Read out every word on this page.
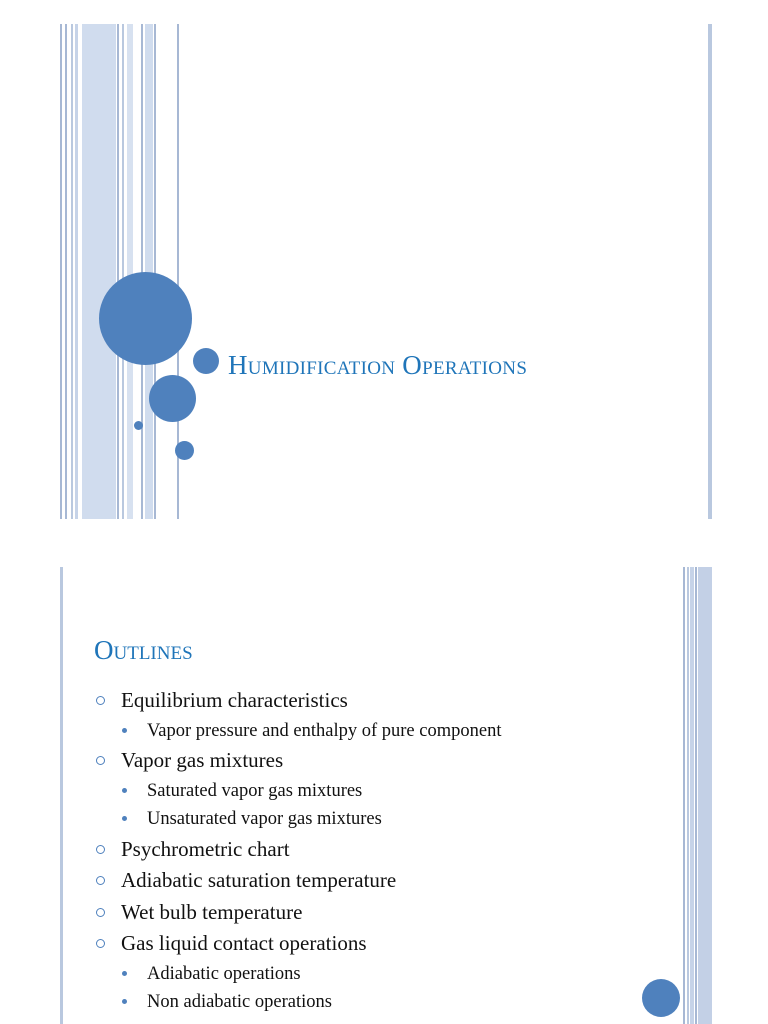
Humidification Operations
Outlines
Equilibrium characteristics
Vapor pressure and enthalpy of pure component
Vapor gas mixtures
Saturated vapor gas mixtures
Unsaturated vapor gas mixtures
Psychrometric chart
Adiabatic saturation temperature
Wet bulb temperature
Gas liquid contact operations
Adiabatic operations
Non adiabatic operations
